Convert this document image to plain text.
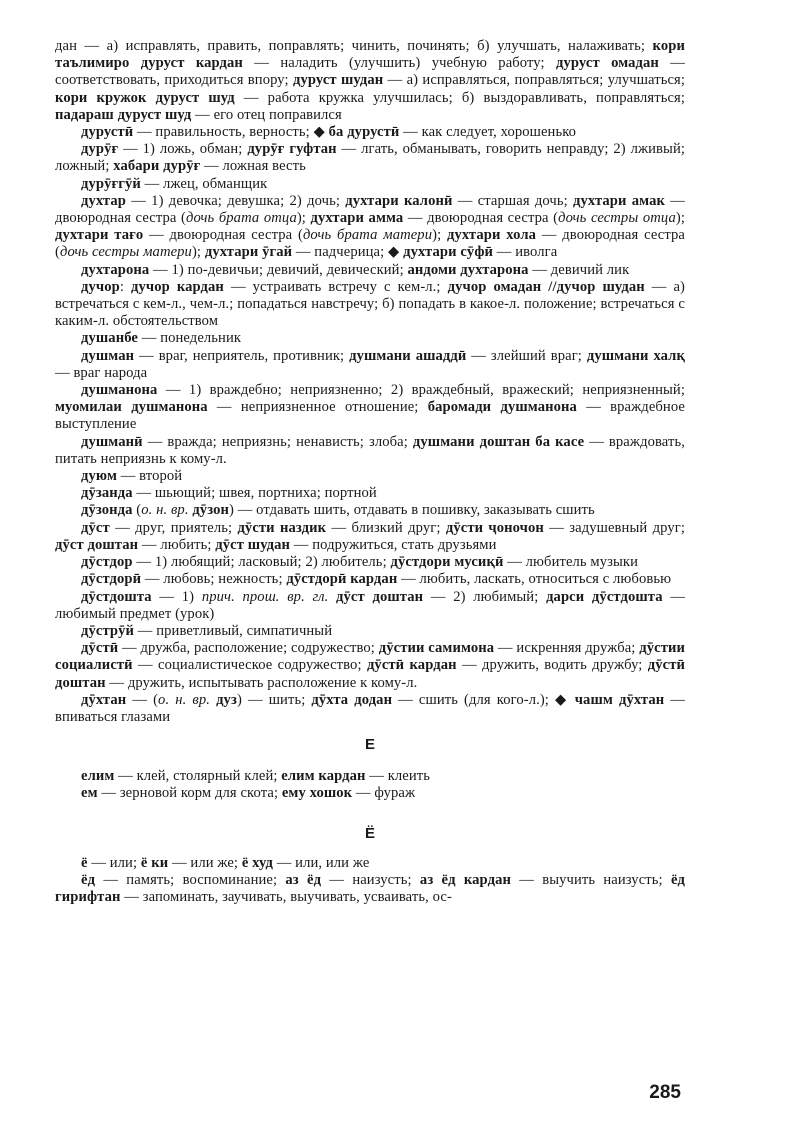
дан — а) исправлять, править, поправлять; чинить, починять; б) улучшать, налаживать; кори таълимиро дуруст кардан — наладить (улучшить) учебную работу; дуруст омадан — соответствовать, приходиться впору; дуруст шудан — а) исправляться, поправляться; улучшаться; кори кружок дуруст шуд — работа кружка улучшилась; б) выздоравливать, поправляться; падараш дуруст шуд — его отец поправился

дурустӣ — правильность, верность; ◆ ба дурустӣ — как следует, хорошенько

дурӯғ — 1) ложь, обман; дурӯғ гуфтан — лгать, обманывать, говорить неправду; 2) лживый; ложный; хабари дурӯғ — ложная весть

дурӯғгӯй — лжец, обманщик

духтар — 1) девочка; девушка; 2) дочь; духтари калонӣ — старшая дочь; духтари амак — двоюродная сестра (дочь брата отца); духтари амма — двоюродная сестра (дочь сестры отца); духтари тағо — двоюродная сестра (дочь брата матери); духтари хола — двоюродная сестра (дочь сестры матери); духтари ӯгай — падчерица; ◆ духтари сӯфӣ — иволга

духтарона — 1) по-девичьи; девичий, девический; андоми духтарона — девичий лик

дучор: дучор кардан — устраивать встречу с кем-л.; дучор омадан //дучор шудан — а) встречаться с кем-л., чем-л.; попадаться навстречу; б) попадать в какое-л. положение; встречаться с каким-л. обстоятельством

душанбе — понедельник

душман — враг, неприятель, противник; душмани ашаддӣ — злейший враг; душмани халқ — враг народа

душманона — 1) враждебно; неприязненно; 2) враждебный, вражеский; неприязненный; муомилаи душманона — неприязненное отношение; баромади душманона — враждебное выступление

душманӣ — вражда; неприязнь; ненависть; злоба; душмани доштан ба касе — враждовать, питать неприязнь к кому-л.

дуюм — второй

дӯзанда — шьющий; швея, портниха; портной

дӯзонда (о. н. вр. дӯзон) — отдавать шить, отдавать в пошивку, заказывать сшить

дӯст — друг, приятель; дӯсти наздик — близкий друг; дӯсти ҷоночон — задушевный друг; дӯст доштан — любить; дӯст шудан — подружиться, стать друзьями

дӯстдор — 1) любящий; ласковый; 2) любитель; дӯстдори мусиқӣ — любитель музыки

дӯстдорӣ — любовь; нежность; дӯстдорӣ кардан — любить, ласкать, относиться с любовью

дӯстдошта — 1) прич. прош. вр. гл. дӯст доштан — 2) любимый; дарси дӯстдошта — любимый предмет (урок)

дӯстрӯй — приветливый, симпатичный

дӯстӣ — дружба, расположение; содружество; дӯстии самимона — искренняя дружба; дӯстии социалистӣ — социалистическое содружество; дӯстӣ кардан — дружить, водить дружбу; дӯстӣ доштан — дружить, испытывать расположение к кому-л.

дӯхтан — (о. н. вр. дуз) — шить; дӯхта додан — сшить (для кого-л.); ◆ чашм дӯхтан — впиваться глазами

Е

елим — клей, столярный клей; елим кардан — клеить

ем — зерновой корм для скота; ему хошок — фураж

Ё

ё — или; ё ки — или же; ё худ — или, или же

ёд — память; воспоминание; аз ёд — наизусть; аз ёд кардан — выучить наизусть; ёд гирифтан — запоминать, заучивать, выучивать, усваивать, ос-

285
